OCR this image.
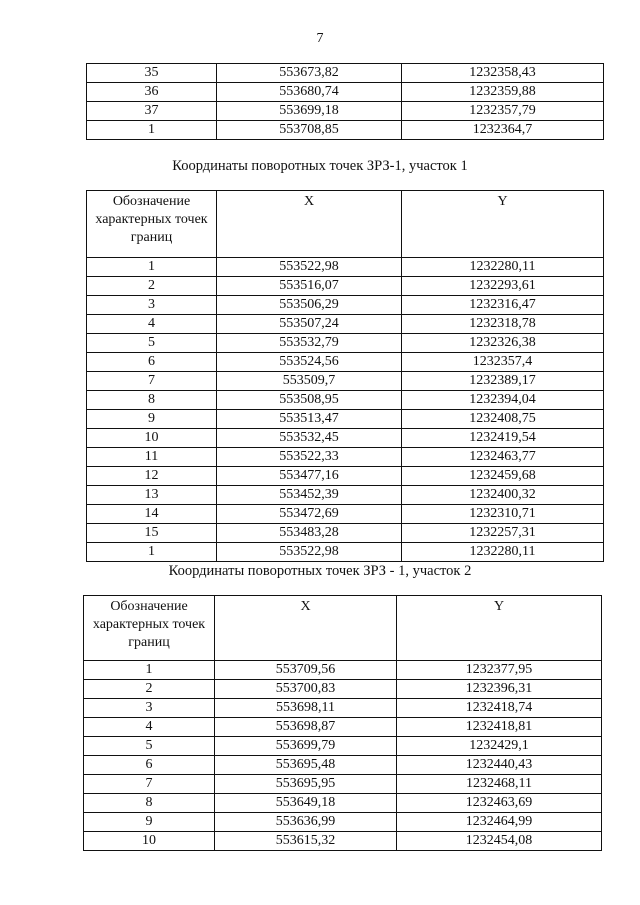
7
35	553673,82	1232358,43
36	553680,74	1232359,88
37	553699,18	1232357,79
1	553708,85	1232364,7
Координаты поворотных точек ЗРЗ-1, участок 1
Обозначение характерных точек границ	X	Y
1	553522,98	1232280,11
2	553516,07	1232293,61
3	553506,29	1232316,47
4	553507,24	1232318,78
5	553532,79	1232326,38
6	553524,56	1232357,4
7	553509,7	1232389,17
8	553508,95	1232394,04
9	553513,47	1232408,75
10	553532,45	1232419,54
11	553522,33	1232463,77
12	553477,16	1232459,68
13	553452,39	1232400,32
14	553472,69	1232310,71
15	553483,28	1232257,31
1	553522,98	1232280,11
Координаты поворотных точек ЗРЗ - 1, участок 2
Обозначение характерных точек границ	X	Y
1	553709,56	1232377,95
2	553700,83	1232396,31
3	553698,11	1232418,74
4	553698,87	1232418,81
5	553699,79	1232429,1
6	553695,48	1232440,43
7	553695,95	1232468,11
8	553649,18	1232463,69
9	553636,99	1232464,99
10	553615,32	1232454,08
